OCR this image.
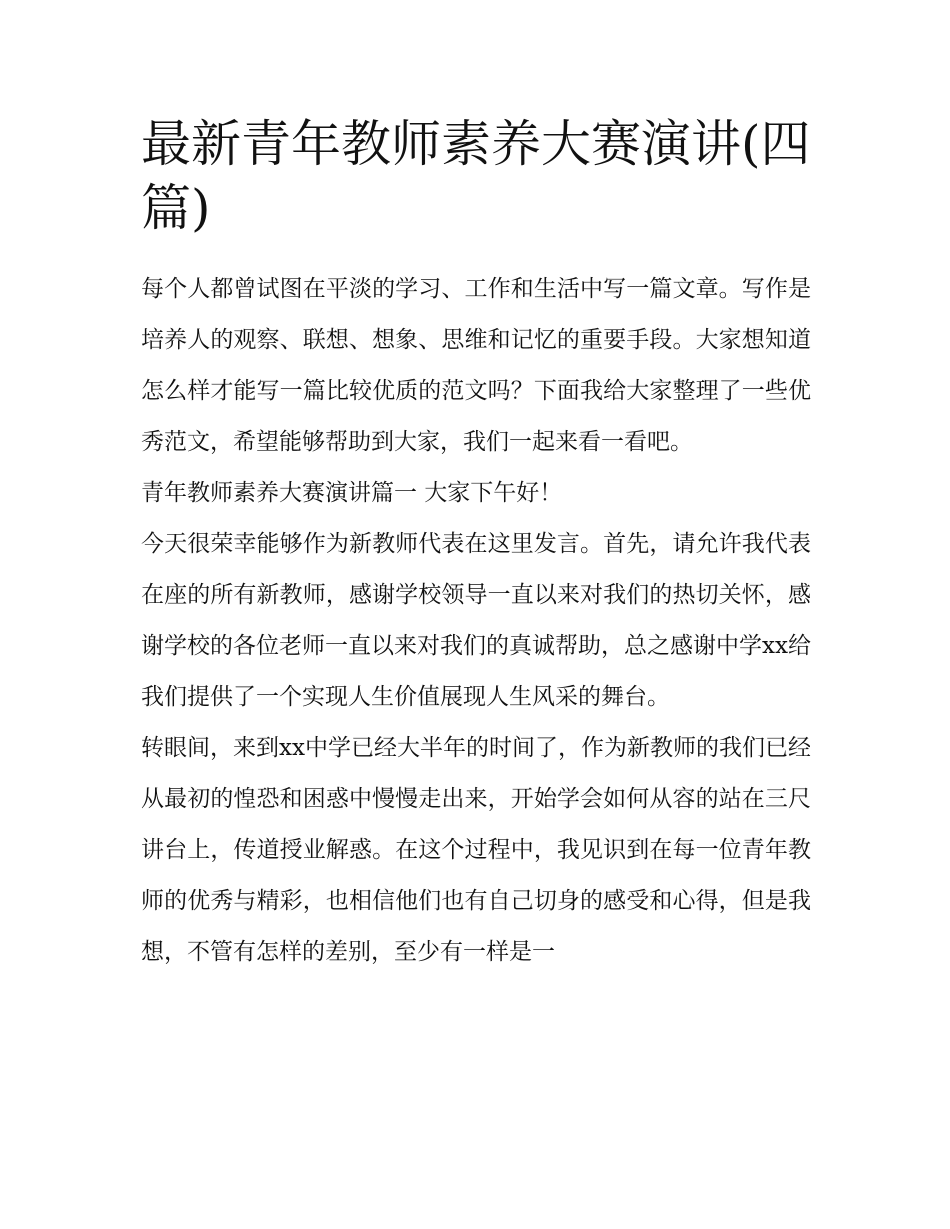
最新青年教师素养大赛演讲(四篇)

每个人都曾试图在平淡的学习、工作和生活中写一篇文章。写作是培养人的观察、联想、想象、思维和记忆的重要手段。大家想知道怎么样才能写一篇比较优质的范文吗？下面我给大家整理了一些优秀范文，希望能够帮助到大家，我们一起来看一看吧。

青年教师素养大赛演讲篇一 大家下午好！

今天很荣幸能够作为新教师代表在这里发言。首先，请允许我代表在座的所有新教师，感谢学校领导一直以来对我们的热切关怀，感谢学校的各位老师一直以来对我们的真诚帮助，总之感谢中学xx给我们提供了一个实现人生价值展现人生风采的舞台。

转眼间，来到xx中学已经大半年的时间了，作为新教师的我们已经从最初的惶恐和困惑中慢慢走出来，开始学会如何从容的站在三尺讲台上，传道授业解惑。在这个过程中，我见识到在每一位青年教师的优秀与精彩，也相信他们也有自己切身的感受和心得，但是我想，不管有怎样的差别，至少有一样是一
